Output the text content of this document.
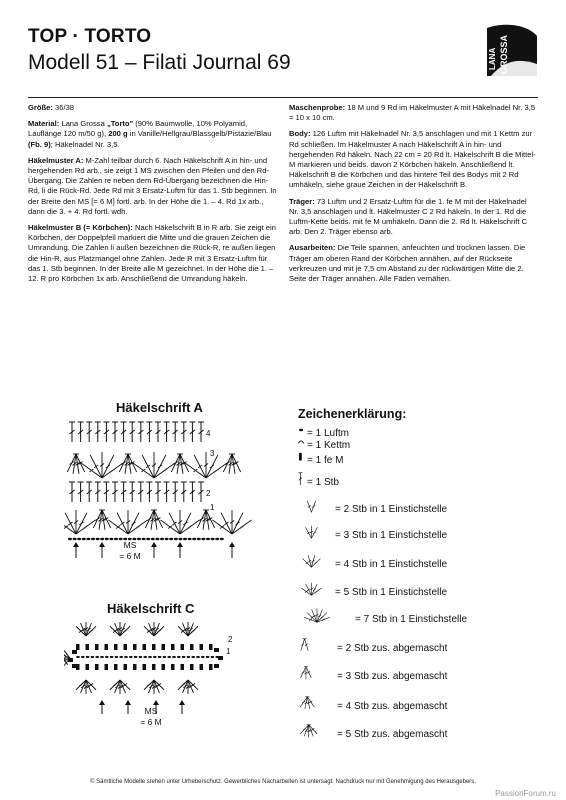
TOP · TORTO
Modell 51 – Filati Journal 69	LANA GROSSA

Größe: 36/38

Material: Lana Grossa „Torto" (90% Baumwolle, 10% Polyamid, Lauflänge 120 m/50 g), 200 g in Vanille/Hellgrau/Blassgelb/Pistazie/Blau (Fb. 9); Häkelnadel Nr. 3,5.

Häkelmuster A: M-Zahl teilbar durch 6. Nach Häkelschrift A in hin- und hergehenden Rd arb., sie zeigt 1 MS zwischen den Pfeilen und den Rd-Übergang. Die Zahlen re neben dem Rd-Übergang bezeichnen die Hin-Rd, li die Rück-Rd. Jede Rd mit 3 Ersatz-Luftm für das 1. Stb beginnen. In der Breite den MS [= 6 M] fortl. arb. In der Höhe die 1. – 4. Rd 1x arb., dann die 3. + 4. Rd fortl. wdh.

Häkelmuster B (= Körbchen): Nach Häkelschrift B in R arb. Sie zeigt ein Körbchen, der Doppelpfeil markiert die Mitte und die grauen Zeichen die Umrandung. Die Zahlen li außen bezeichnen die Rück-R, re außen liegen die Hin-R, aus Platzmangel ohne Zahlen. Jede R mit 3 Ersatz-Luftm für das 1. Stb beginnen. In der Breite alle M gezeichnet. In der Höhe die 1. – 12. R pro Körbchen 1x arb. Anschließend die Umrandung häkeln.

Maschenprobe: 18 M und 9 Rd im Häkelmuster A mit Häkelnadel Nr. 3,5 = 10 x 10 cm.

Body: 126 Luftm mit Häkelnadel Nr. 3,5 anschlagen und mit 1 Kettm zur Rd schließen. Im Häkelmuster A nach Häkelschrift A in hin- und hergehenden Rd häkeln. Nach 22 cm = 20 Rd lt. Häkelschrift B die Mittel-M markieren und beids. davon 2 Körbchen häkeln. Anschließend lt. Häkelschrift B die Körbchen und das hintere Teil des Bodys mit 2 Rd umhäkeln, siehe graue Zeichen in der Häkelschrift B.

Träger: 73 Luftm und 2 Ersatz-Luftm für die 1. fe M mit der Häkelnadel Nr. 3,5 anschlagen und lt. Häkelmuster C 2 Rd häkeln. In der 1. Rd die Luftm-Kette beids. mit fe M umhäkeln. Dann die 2. Rd lt. Häkelschrift C arb. Den 2. Träger ebenso arb.

Ausarbeiten: Die Teile spannen, anfeuchten und trocknen lassen. Die Träger am oberen Rand der Körbchen annähen, auf der Rückseite verkreuzen und mit je 7,5 cm Abstand zu der rückwärtigen Mitte die 2. Seite der Träger annähen. Alle Fäden vernähen.

Häkelschrift A
4
3
2
1
MS
= 6 M
Häkelschrift C
2
1
MS
= 6 M
Zeichenerklärung:
= 1 Luftm
= 1 Kettm
= 1 fe M
= 1 Stb
= 2 Stb in 1 Einstichstelle
= 3 Stb in 1 Einstichstelle
= 4 Stb in 1 Einstichstelle
= 5 Stb in 1 Einstichstelle
= 7 Stb in 1 Einstichstelle
= 2 Stb zus. abgemascht
= 3 Stb zus. abgemascht
= 4 Stb zus. abgemascht
= 5 Stb zus. abgemascht
© Sämtliche Modelle stehen unter Urheberschutz. Gewerbliches Nacharbeiten ist untersagt. Nachdruck nur mit Genehmigung des Herausgebers.
PassionForum.ru
